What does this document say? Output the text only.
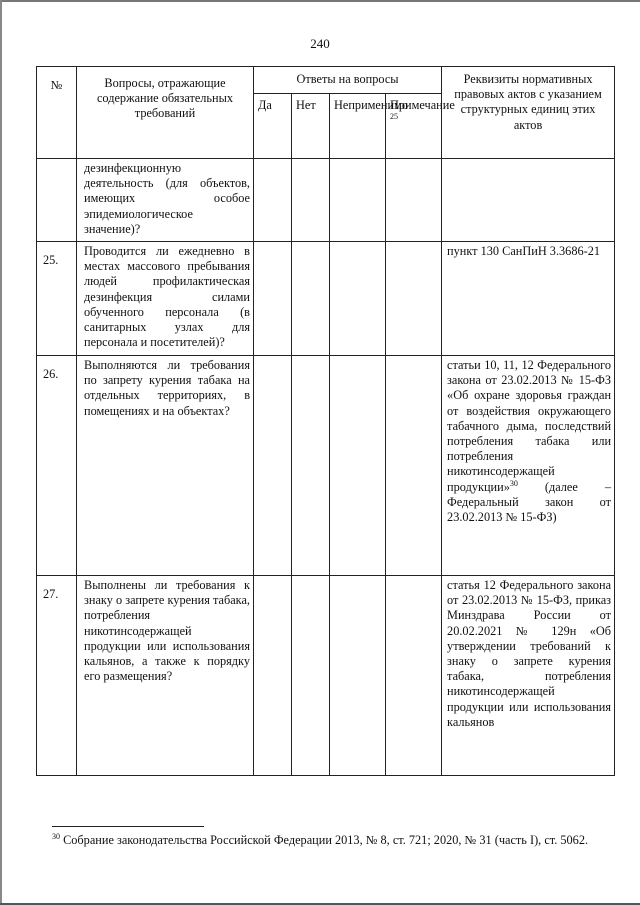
240
№	Вопросы, отражающие содержание обязательных требований	Ответы на вопросы				Реквизиты нормативных правовых актов с указанием структурных единиц этих актов
		Да	Нет	Неприменимо	Примечание $^{25}$
	дезинфекционную деятельность (для объектов, имеющих особое эпидемиологическое значение)?					
25.	Проводится ли ежедневно в местах массового пребывания людей профилактическая дезинфекция силами обученного персонала (в санитарных узлах для персонала и посетителей)?					пункт 130 СанПиН 3.3686-21
26.	Выполняются ли требования по запрету курения табака на отдельных территориях, в помещениях и на объектах?					статьи 10, 11, 12 Федерального закона от 23.02.2013 № 15-ФЗ «Об охране здоровья граждан от воздействия окружающего табачного дыма, последствий потребления табака или потребления никотинсодержащей продукции»$^{30}$ (далее – Федеральный закон от 23.02.2013 № 15-ФЗ)
27.	Выполнены ли требования к знаку о запрете курения табака, потребления никотинсодержащей продукции или использования кальянов, а также к порядку его размещения?					статья 12 Федерального закона от 23.02.2013 № 15-ФЗ, приказ Минздрава России от 20.02.2021 № 129н «Об утверждении требований к знаку о запрете курения табака, потребления никотинсодержащей продукции или использования кальянов
$^{30}$ Собрание законодательства Российской Федерации 2013, № 8, ст. 721; 2020, № 31 (часть I), ст. 5062.
